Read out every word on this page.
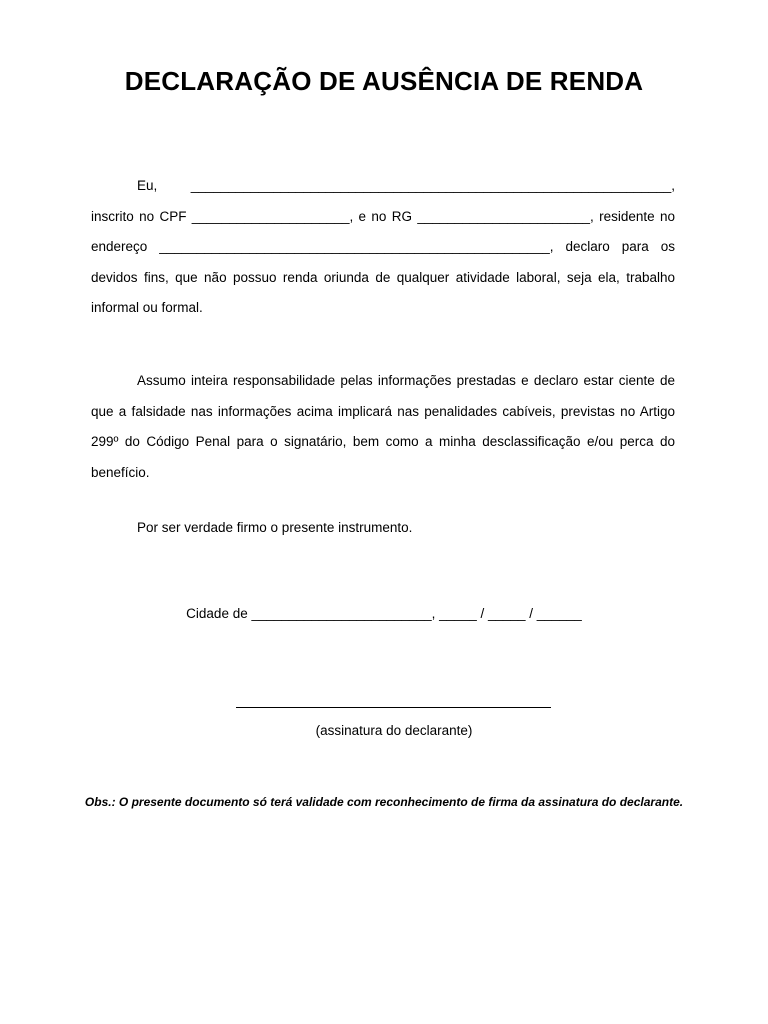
DECLARAÇÃO DE AUSÊNCIA DE RENDA

Eu, ________________________________________________________________, inscrito no CPF _____________________, e no RG _______________________, residente no endereço ____________________________________________________, declaro para os devidos fins, que não possuo renda oriunda de qualquer atividade laboral, seja ela, trabalho informal ou formal.

Assumo inteira responsabilidade pelas informações prestadas e declaro estar ciente de que a falsidade nas informações acima implicará nas penalidades cabíveis, previstas no Artigo 299º do Código Penal para o signatário, bem como a minha desclassificação e/ou perca do benefício.

Por ser verdade firmo o presente instrumento.

Cidade de ________________________, _____ / _____ / ______

(assinatura do declarante)

Obs.: O presente documento só terá validade com reconhecimento de firma da assinatura do declarante.
